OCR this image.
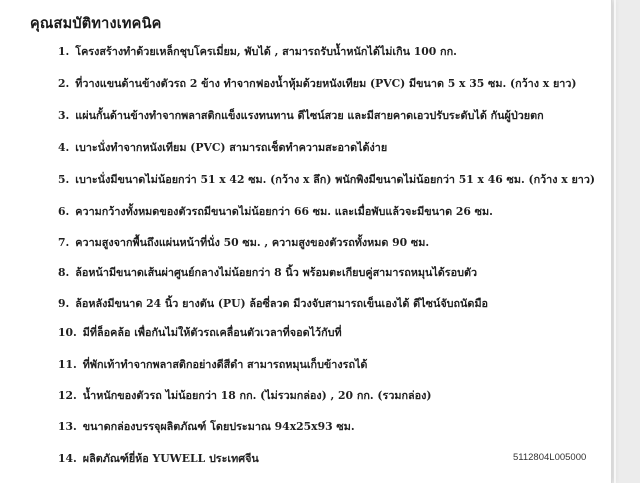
คุณสมบัติทางเทคนิค
1. โครงสร้างทำด้วยเหล็กชุบโครเมี่ยม, พับได้ , สามารถรับน้ำหนักได้ไม่เกิน 100 กก.
2. ที่วางแขนด้านข้างตัวรถ 2 ข้าง ทำจากฟองน้ำหุ้มด้วยหนังเทียม (PVC) มีขนาด 5 x 35 ซม. (กว้าง x ยาว)
3. แผ่นกั้นด้านข้างทำจากพลาสติกแข็งแรงทนทาน ดีไซน์สวย และมีสายคาดเอวปรับระดับได้ กันผู้ป่วยตก
4. เบาะนั่งทำจากหนังเทียม (PVC) สามารถเช็ดทำความสะอาดได้ง่าย
5. เบาะนั่งมีขนาดไม่น้อยกว่า 51 x 42 ซม. (กว้าง x ลึก) พนักพิงมีขนาดไม่น้อยกว่า 51 x 46 ซม. (กว้าง x ยาว)
6. ความกว้างทั้งหมดของตัวรถมีขนาดไม่น้อยกว่า 66 ซม. และเมื่อพับแล้วจะมีขนาด 26 ซม.
7. ความสูงจากพื้นถึงแผ่นหน้าที่นั่ง 50 ซม. , ความสูงของตัวรถทั้งหมด 90 ซม.
8. ล้อหน้ามีขนาดเส้นผ่าศูนย์กลางไม่น้อยกว่า 8 นิ้ว พร้อมตะเกียบคู่สามารถหมุนได้รอบตัว
9. ล้อหลังมีขนาด 24 นิ้ว ยางตัน (PU) ล้อซี่ลวด มีวงจับสามารถเข็นเองได้ ดีไซน์จับถนัดมือ
10. มีที่ล็อคล้อ เพื่อกันไม่ให้ตัวรถเคลื่อนตัวเวลาที่จอดไว้กับที่
11. ที่พักเท้าทำจากพลาสติกอย่างดีสีดำ สามารถหมุนเก็บข้างรถได้
12. น้ำหนักของตัวรถ ไม่น้อยกว่า 18 กก. (ไม่รวมกล่อง) , 20 กก. (รวมกล่อง)
13. ขนาดกล่องบรรจุผลิตภัณฑ์ โดยประมาณ 94x25x93 ซม.
14. ผลิตภัณฑ์ยี่ห้อ YUWELL ประเทศจีน	5112804L005000
